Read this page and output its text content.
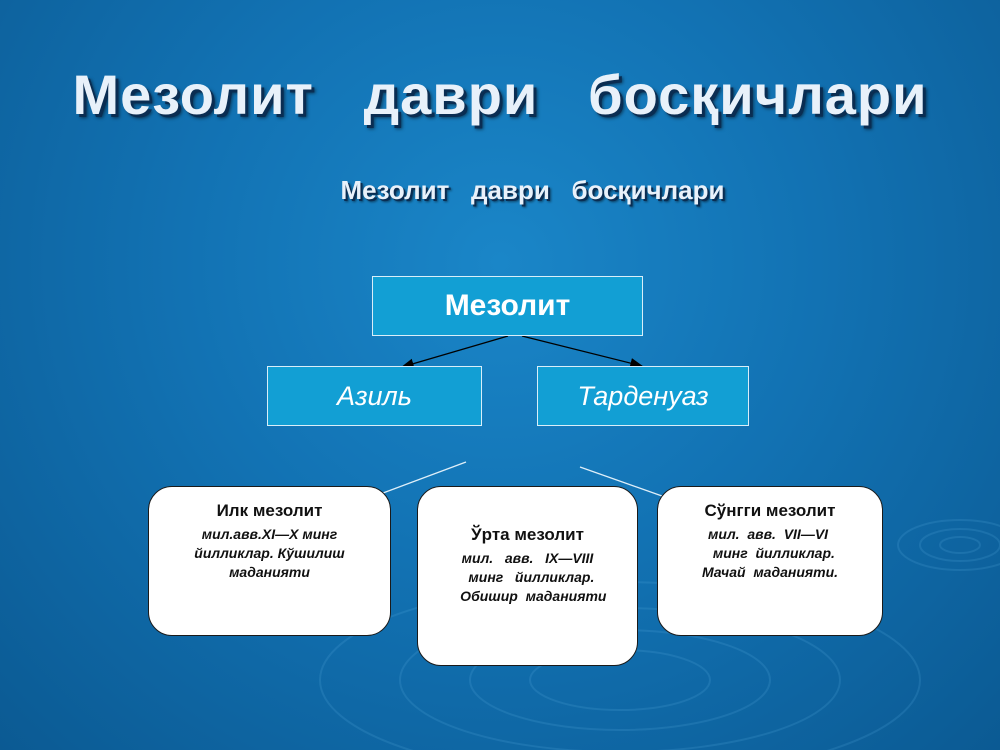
Мезолит   даври   босқичлари
Мезолит   даври   босқичлари
Мезолит
Азиль	Тарденуаз
Илк мезолит
мил.авв.XI—X минг
йилликлар. Кўшилиш
маданияти
Ўрта мезолит
мил.   авв.   IX—VIII
минг   йилликлар.
Обишир  маданияти
Сўнгги мезолит
мил.  авв.  VII—VI
минг  йилликлар.
Мачай  маданияти.
